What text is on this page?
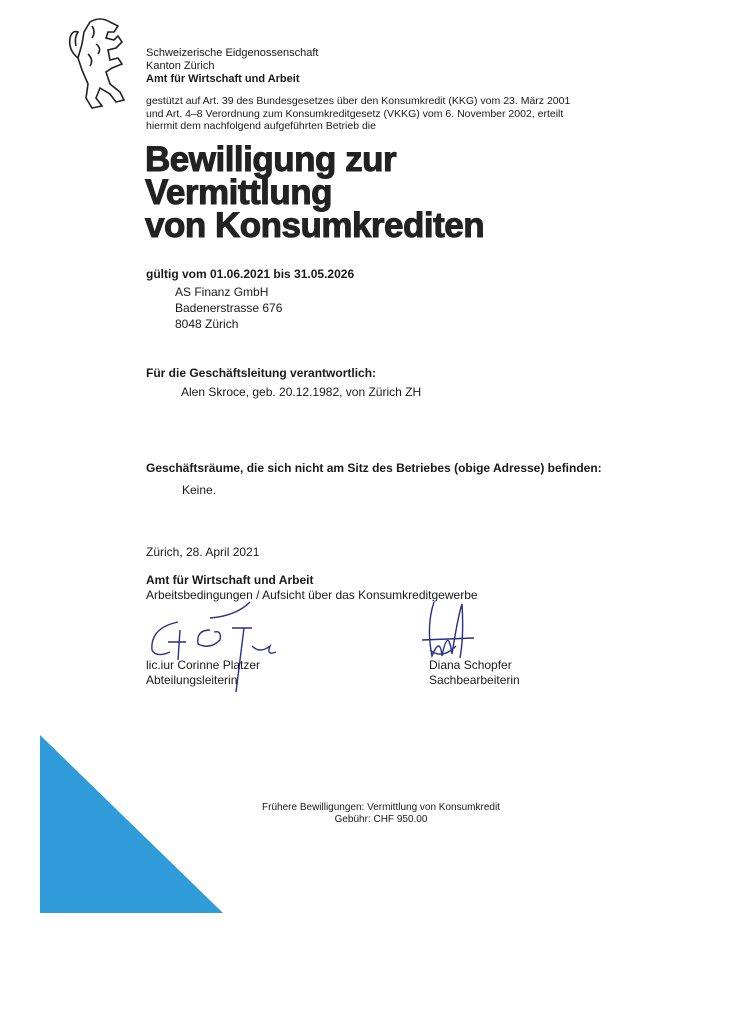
Schweizerische Eidgenossenschaft
Kanton Zürich
Amt für Wirtschaft und Arbeit
gestützt auf Art. 39 des Bundesgesetzes über den Konsumkredit (KKG) vom 23. März 2001
und Art. 4–8 Verordnung zum Konsumkreditgesetz (VKKG) vom 6. November 2002, erteilt
hiermit dem nachfolgend aufgeführten Betrieb die
Bewilligung zur
Vermittlung
von Konsumkrediten
gültig vom 01.06.2021 bis 31.05.2026
AS Finanz GmbH
Badenerstrasse 676
8048 Zürich
Für die Geschäftsleitung verantwortlich:
Alen Skroce, geb. 20.12.1982, von Zürich ZH
Geschäftsräume, die sich nicht am Sitz des Betriebes (obige Adresse) befinden:
Keine.
Zürich, 28. April 2021
Amt für Wirtschaft und Arbeit
Arbeitsbedingungen / Aufsicht über das Konsumkreditgewerbe
lic.iur Corinne Platzer
Abteilungsleiterin
Diana Schopfer
Sachbearbeiterin
Frühere Bewilligungen: Vermittlung von Konsumkredit
Gebühr: CHF 950.00
